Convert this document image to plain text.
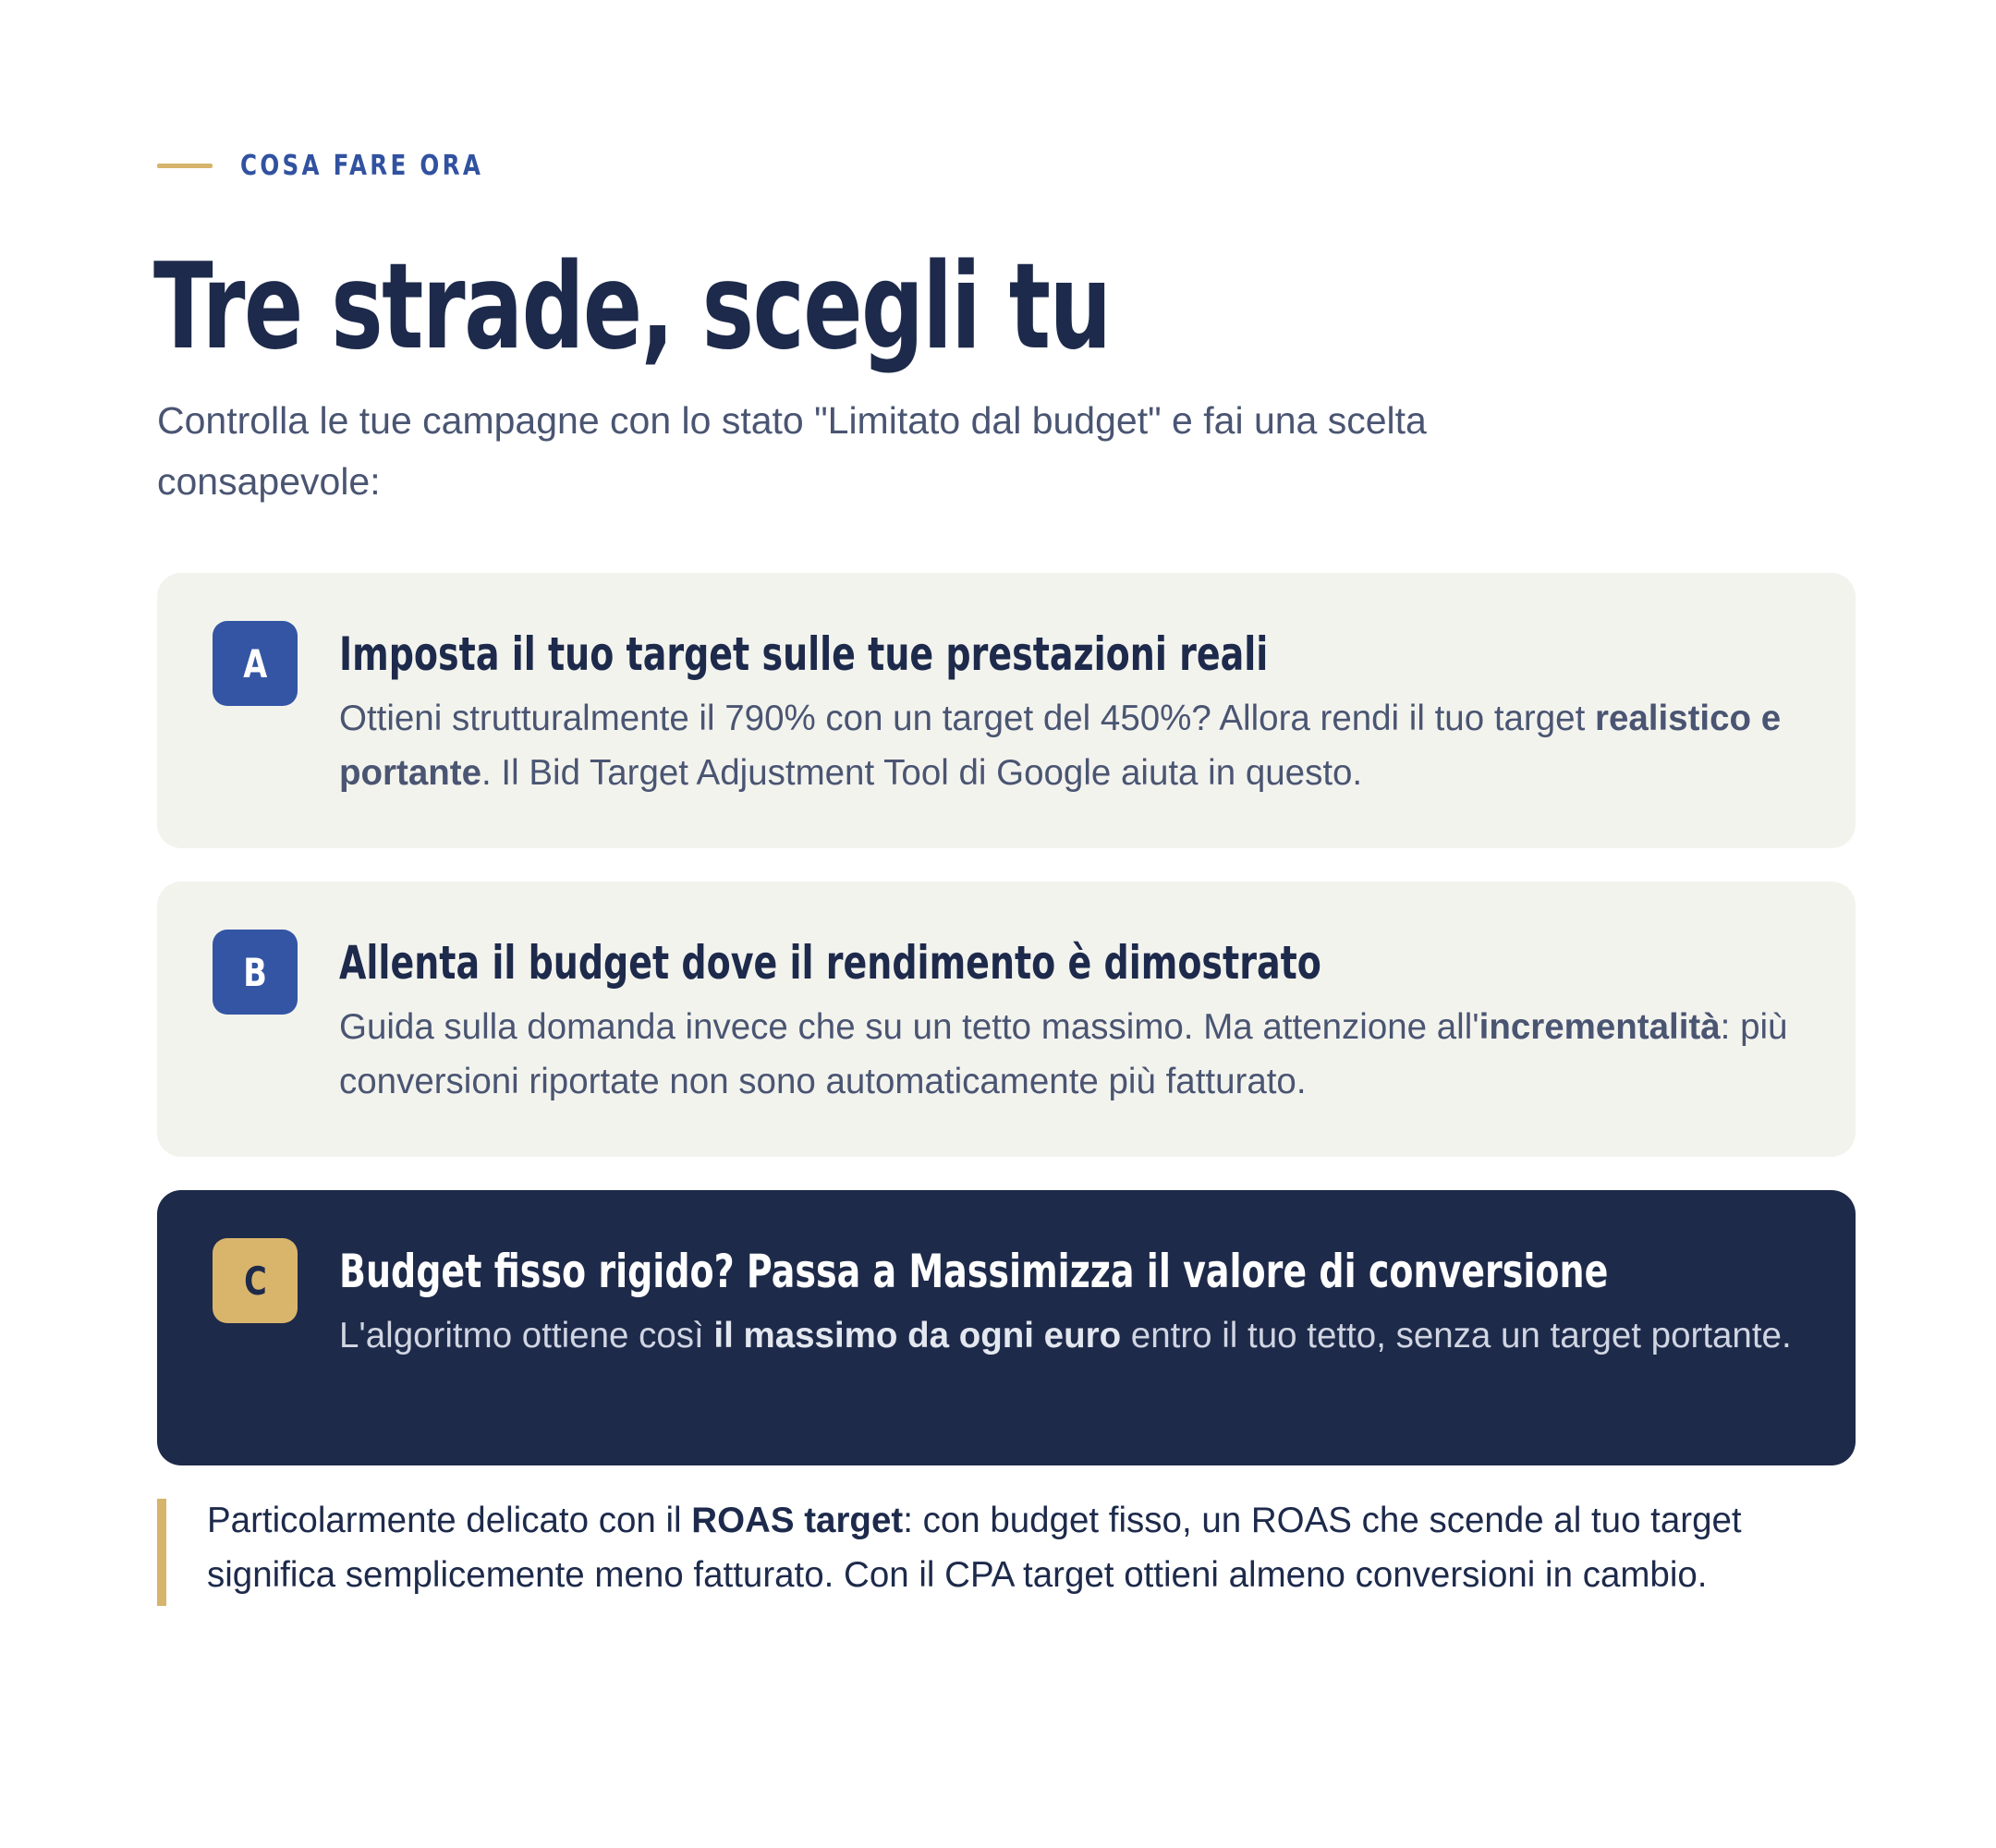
COSA FARE ORA
Tre strade, scegli tu

Controlla le tue campagne con lo stato "Limitato dal budget" e fai una scelta consapevole:

A Imposta il tuo target sulle tue prestazioni reali

Ottieni strutturalmente il 790% con un target del 450%? Allora rendi il tuo target realistico e portante. Il Bid Target Adjustment Tool di Google aiuta in questo.

B Allenta il budget dove il rendimento è dimostrato

Guida sulla domanda invece che su un tetto massimo. Ma attenzione all'incrementalità: più conversioni riportate non sono automaticamente più fatturato.

C Budget fisso rigido? Passa a Massimizza il valore di conversione

L'algoritmo ottiene così il massimo da ogni euro entro il tuo tetto, senza un target portante.

Particolarmente delicato con il ROAS target: con budget fisso, un ROAS che scende al tuo target significa semplicemente meno fatturato. Con il CPA target ottieni almeno conversioni in cambio.
